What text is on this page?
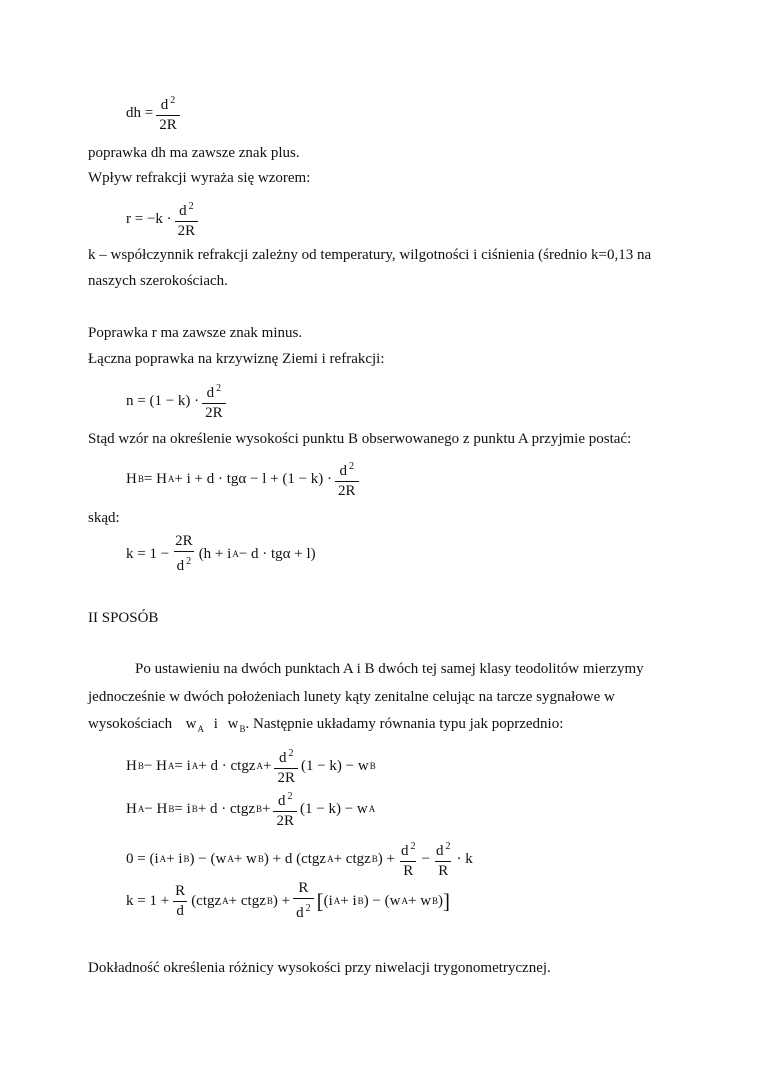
dh = $\frac{d ^2}{2R}$
poprawka dh ma zawsze znak plus.
Wpływ refrakcji wyraża się wzorem:
$r = -k \cdot \frac{d ^2}{2R}$
k – współczynnik refrakcji zależny od temperatury, wilgotności i ciśnienia (średnio k=0,13 na
naszych szerokościach.
Poprawka r ma zawsze znak minus.
Łączna poprawka na krzywiznę Ziemi i refrakcji:
$n = (1 - k) \cdot \frac{d ^2}{2R}$
Stąd wzór na określenie wysokości punktu B obserwowanego z punktu A przyjmie postać:
H B = H $A + i + d \cdot tg\alpha - l + (1 - k) \cdot \frac{d ^2}{2R}$
skąd:
$k = 1 - \frac{2R}{d ^2} (h + i$ A − d · tgα + l)
II SPOSÓB
Po ustawieniu na dwóch punktach A i B dwóch tej samej klasy teodolitów mierzymy
jednocześnie w dwóch położeniach lunety kąty zenitalne celując na tarcze sygnałowe w
wysokościach $w_A$ i $w_B$. Następnie układamy równania typu jak poprzednio:
H B − H A = i A + d · ctgz $A + \frac{d ^2}{2R} (1 - k) - w$ B
H A − H B = i B + d · ctgz $B + \frac{d ^2}{2R} (1 - k) - w$ A
0 = (i A + i B ) − (w A + w B ) + d (ctgz A + ctgz B ) + $\frac{d ^2}{R} - \frac{d ^2}{R} \cdot k$
$k = 1 + \frac{R}{d}$ (ctgz A + ctgz B ) + $\frac{R}{d ^2}$ [ (i A + i B ) − (w A + w B ) ]
Dokładność określenia różnicy wysokości przy niwelacji trygonometrycznej.
